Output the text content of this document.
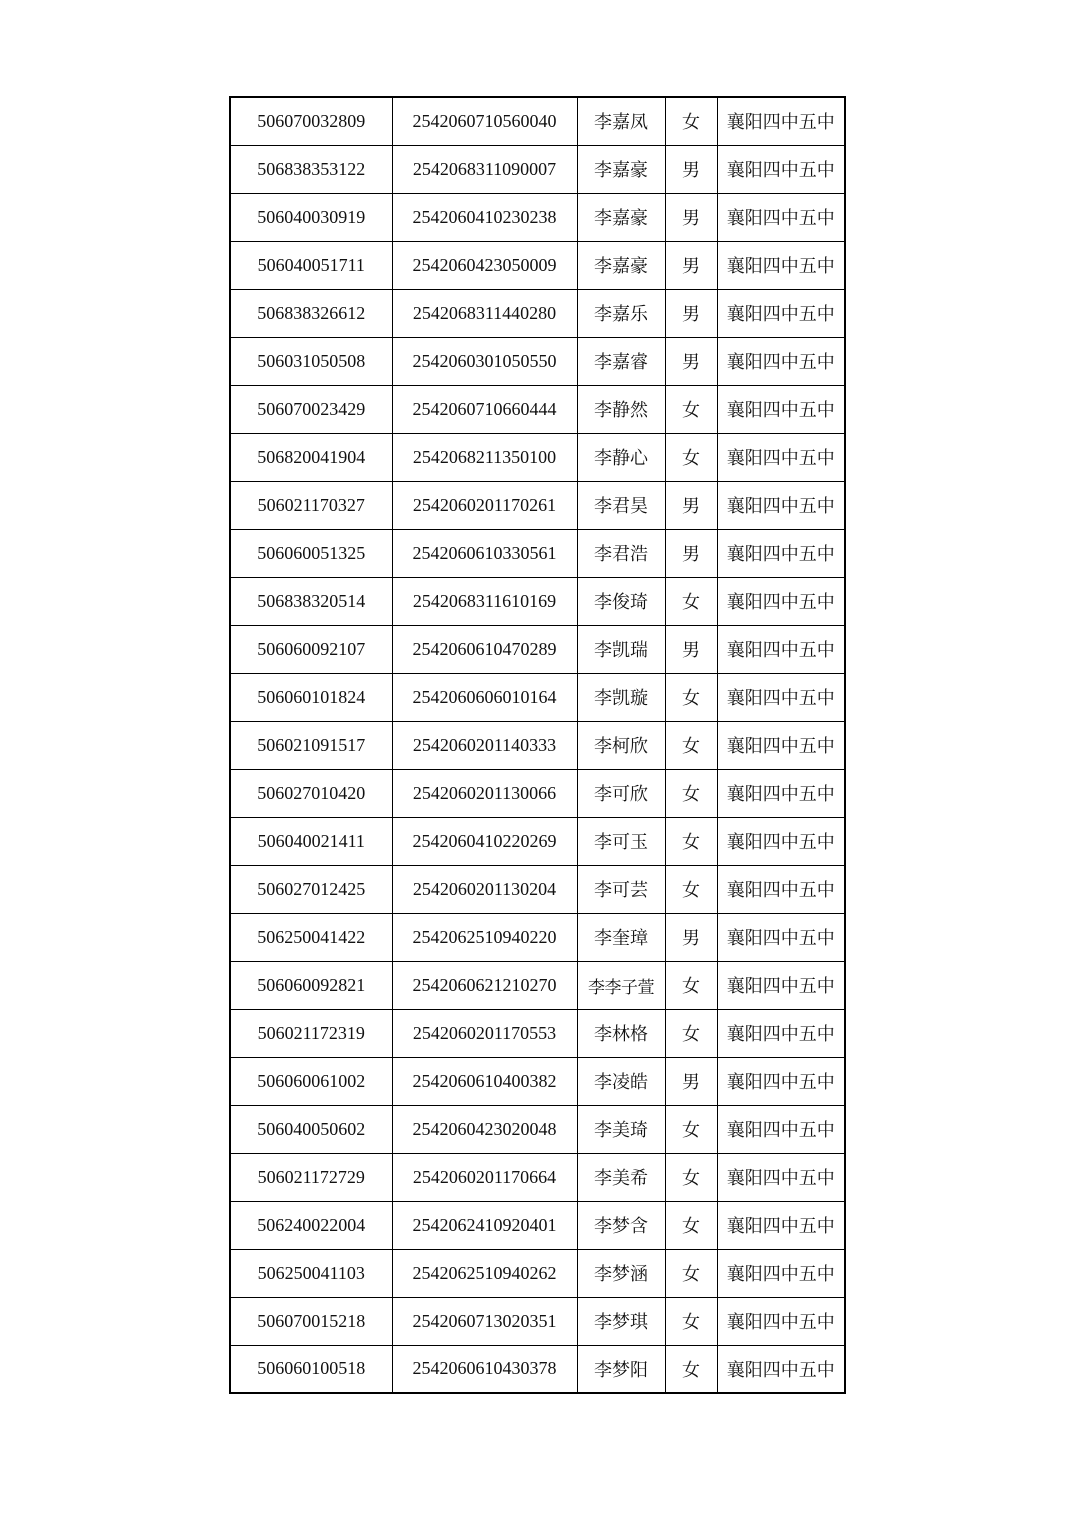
506070032809	2542060710560040	李嘉凤	女	襄阳四中五中
506838353122	2542068311090007	李嘉豪	男	襄阳四中五中
506040030919	2542060410230238	李嘉豪	男	襄阳四中五中
506040051711	2542060423050009	李嘉豪	男	襄阳四中五中
506838326612	2542068311440280	李嘉乐	男	襄阳四中五中
506031050508	2542060301050550	李嘉睿	男	襄阳四中五中
506070023429	2542060710660444	李静然	女	襄阳四中五中
506820041904	2542068211350100	李静心	女	襄阳四中五中
506021170327	2542060201170261	李君昊	男	襄阳四中五中
506060051325	2542060610330561	李君浩	男	襄阳四中五中
506838320514	2542068311610169	李俊琦	女	襄阳四中五中
506060092107	2542060610470289	李凯瑞	男	襄阳四中五中
506060101824	2542060606010164	李凯璇	女	襄阳四中五中
506021091517	2542060201140333	李柯欣	女	襄阳四中五中
506027010420	2542060201130066	李可欣	女	襄阳四中五中
506040021411	2542060410220269	李可玉	女	襄阳四中五中
506027012425	2542060201130204	李可芸	女	襄阳四中五中
506250041422	2542062510940220	李奎璋	男	襄阳四中五中
506060092821	2542060621210270	李李子萱	女	襄阳四中五中
506021172319	2542060201170553	李林格	女	襄阳四中五中
506060061002	2542060610400382	李凌皓	男	襄阳四中五中
506040050602	2542060423020048	李美琦	女	襄阳四中五中
506021172729	2542060201170664	李美希	女	襄阳四中五中
506240022004	2542062410920401	李梦含	女	襄阳四中五中
506250041103	2542062510940262	李梦涵	女	襄阳四中五中
506070015218	2542060713020351	李梦琪	女	襄阳四中五中
506060100518	2542060610430378	李梦阳	女	襄阳四中五中
